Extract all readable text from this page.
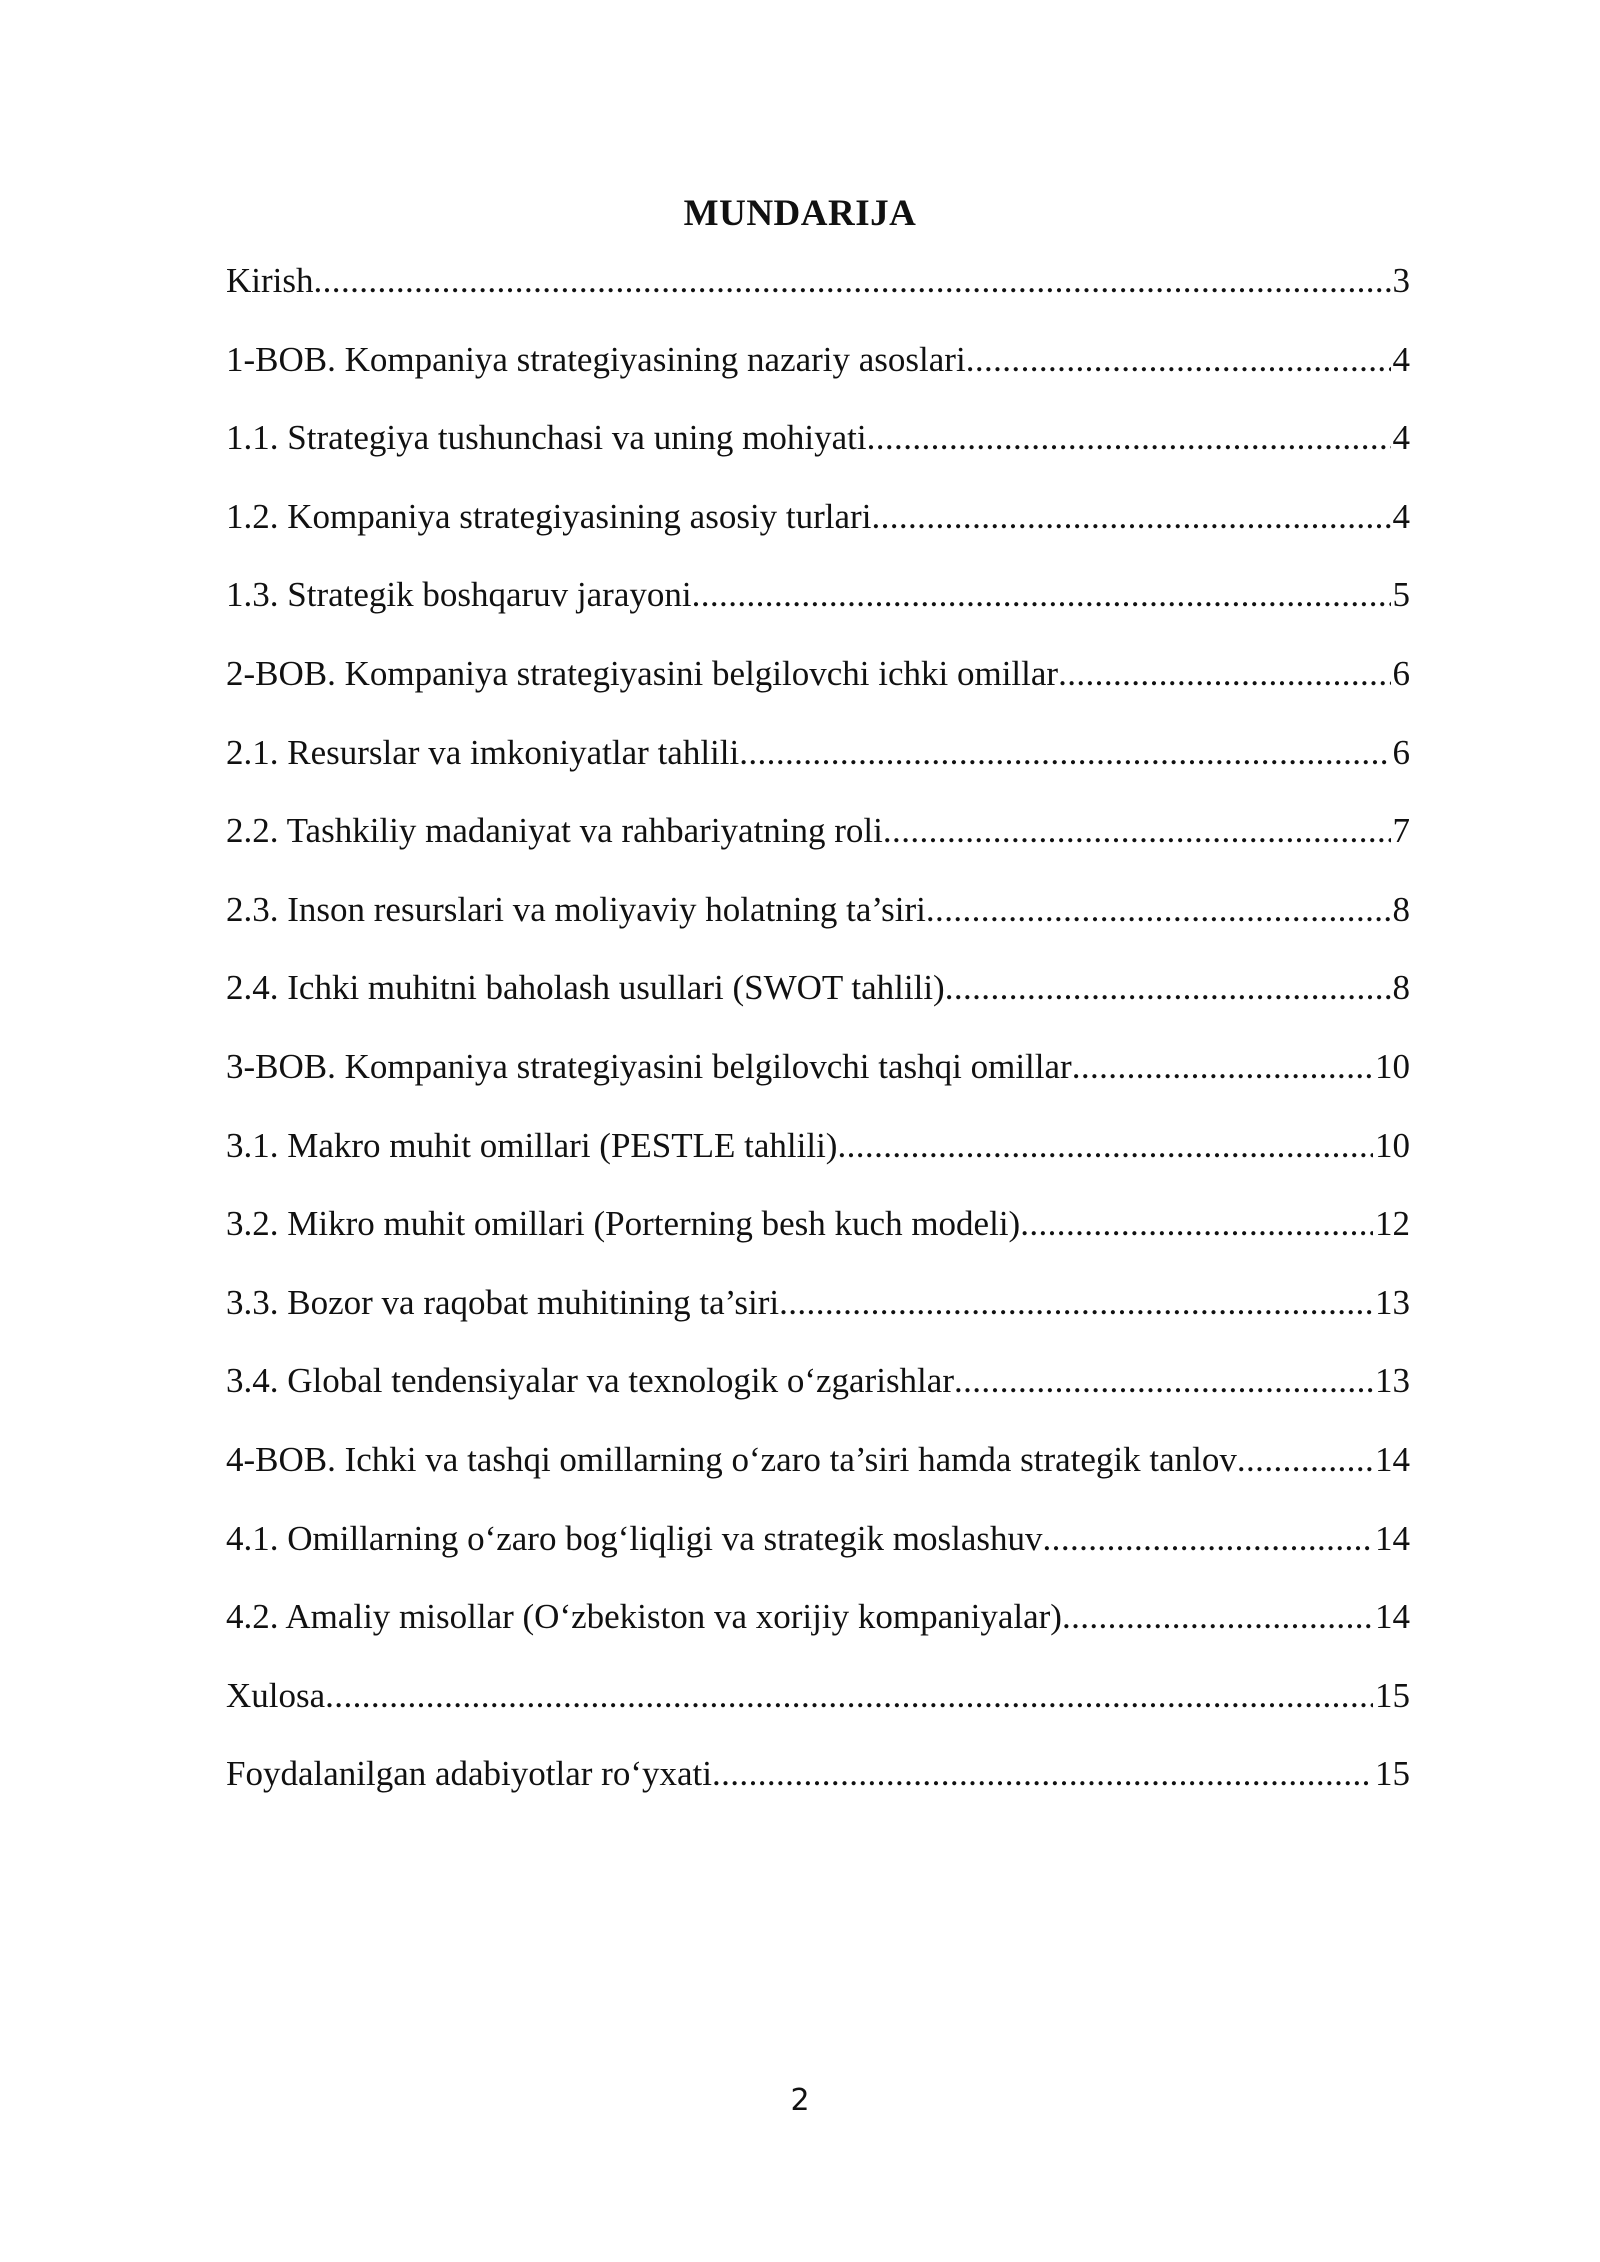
MUNDARIJA
Kirish .....	3
1-BOB. Kompaniya strategiyasining nazariy asoslari .....	4
1.1. Strategiya tushunchasi va uning mohiyati .....	4
1.2. Kompaniya strategiyasining asosiy turlari .....	4
1.3. Strategik boshqaruv jarayoni .....	5
2-BOB. Kompaniya strategiyasini belgilovchi ichki omillar .....	6
2.1. Resurslar va imkoniyatlar tahlili .....	6
2.2. Tashkiliy madaniyat va rahbariyatning roli .....	7
2.3. Inson resurslari va moliyaviy holatning ta’siri .....	8
2.4. Ichki muhitni baholash usullari (SWOT tahlili) .....	8
3-BOB. Kompaniya strategiyasini belgilovchi tashqi omillar .....	10
3.1. Makro muhit omillari (PESTLE tahlili) .....	10
3.2. Mikro muhit omillari (Porterning besh kuch modeli) .....	12
3.3. Bozor va raqobat muhitining ta’siri .....	13
3.4. Global tendensiyalar va texnologik o‘zgarishlar .....	13
4-BOB. Ichki va tashqi omillarning o‘zaro ta’siri hamda strategik tanlov .....	14
4.1. Omillarning o‘zaro bog‘liqligi va strategik moslashuv .....	14
4.2. Amaliy misollar (O‘zbekiston va xorijiy kompaniyalar) .....	14
Xulosa .....	15
Foydalanilgan adabiyotlar ro‘yxati .....	15
2
